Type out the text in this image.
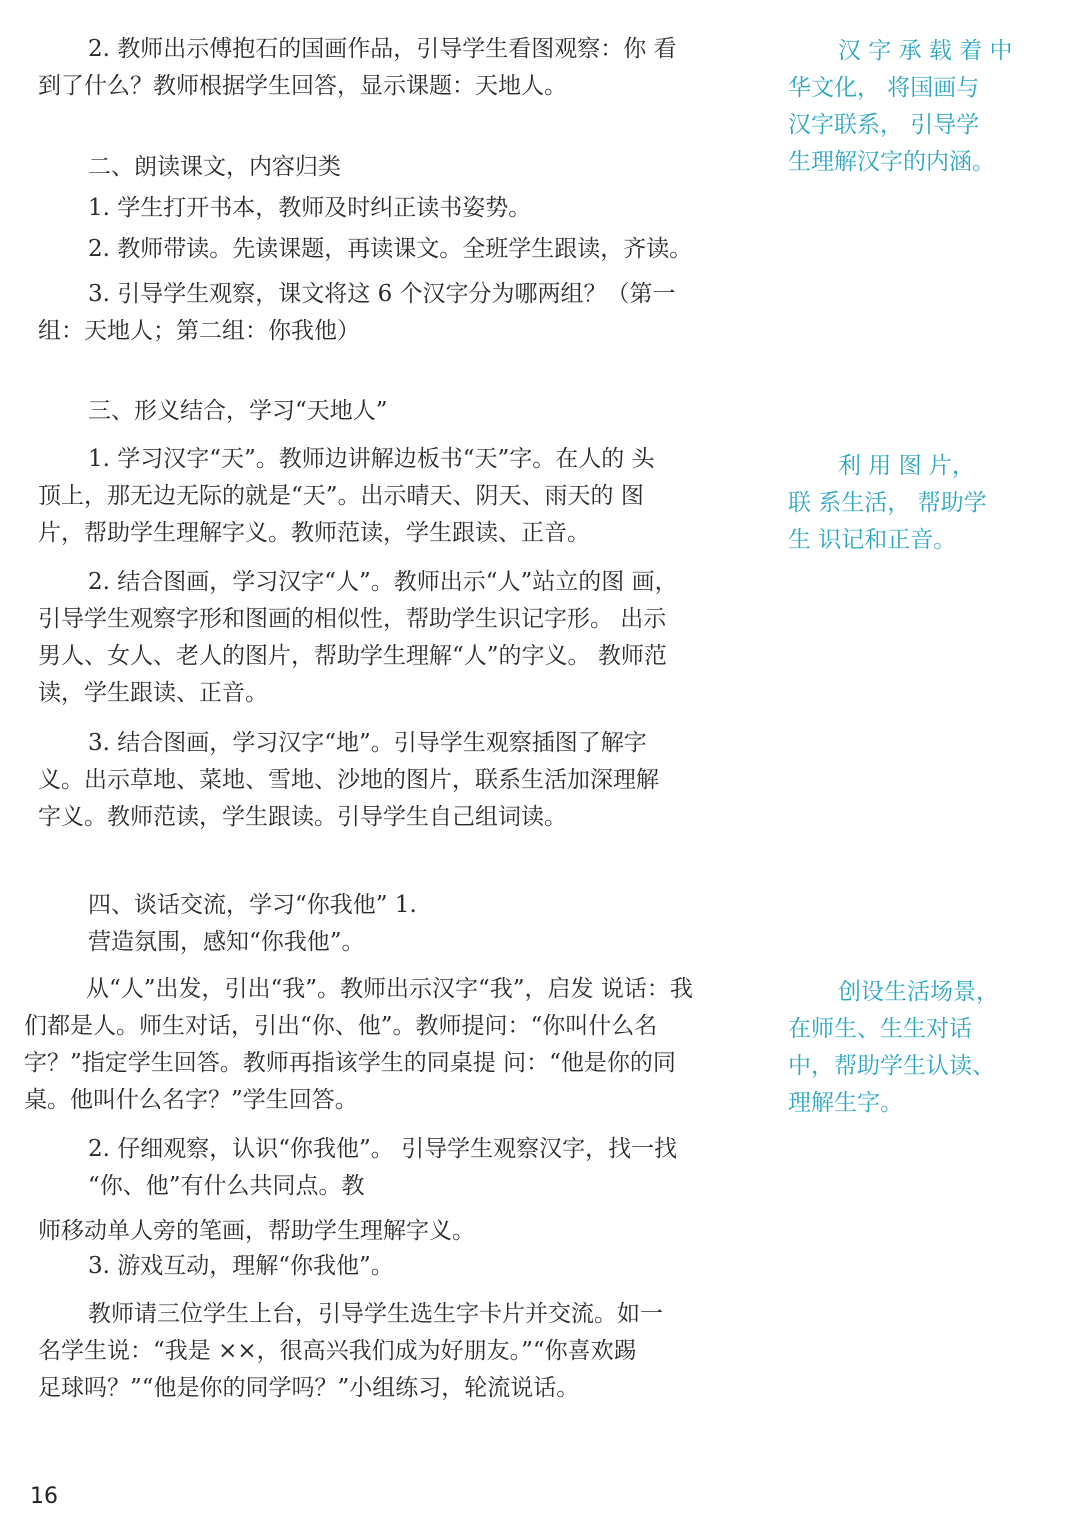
2. 教师出示傅抱石的国画作品，引导学生看图观察：你 看
到了什么？教师根据学生回答，显示课题：天地人。

二、朗读课文，内容归类

1. 学生打开书本，教师及时纠正读书姿势。

2. 教师带读。先读课题，再读课文。全班学生跟读，齐读。

3. 引导学生观察，课文将这 6 个汉字分为哪两组？（第一
组：天地人；第二组：你我他）

三、形义结合，学习“天地人”

1. 学习汉字“天”。教师边讲解边板书“天”字。在人的 头
顶上，那无边无际的就是“天”。出示晴天、阴天、雨天的 图
片，帮助学生理解字义。教师范读，学生跟读、正音。

2. 结合图画，学习汉字“人”。教师出示“人”站立的图 画，
引导学生观察字形和图画的相似性，帮助学生识记字形。 出示
男人、女人、老人的图片，帮助学生理解“人”的字义。 教师范
读，学生跟读、正音。

3. 结合图画，学习汉字“地”。引导学生观察插图了解字
义。出示草地、菜地、雪地、沙地的图片，联系生活加深理解
字义。教师范读，学生跟读。引导学生自己组词读。

四、谈话交流，学习“你我他” 1.
营造氛围，感知“你我他”。

从“人”出发，引出“我”。教师出示汉字“我”，启发 说话：我
们都是人。师生对话，引出“你、他”。教师提问：“你叫什么名
字？”指定学生回答。教师再指该学生的同桌提 问：“他是你的同
桌。他叫什么名字？”学生回答。

2. 仔细观察，认识“你我他”。 引导学生观察汉字，找一找
“你、他”有什么共同点。教

师移动单人旁的笔画，帮助学生理解字义。

3. 游戏互动，理解“你我他”。

教师请三位学生上台，引导学生选生字卡片并交流。如一
名学生说：“我是 ××，很高兴我们成为好朋友。”“你喜欢踢
足球吗？”“他是你的同学吗？”小组练习，轮流说话。

汉 字 承 载 着 中
华文化， 将国画与
汉字联系， 引导学
生理解汉字的内涵。

利 用 图 片，
联 系生活， 帮助学
生 识记和正音。

创设生活场景，
在师生、生生对话
中，帮助学生认读、
理解生字。

16
